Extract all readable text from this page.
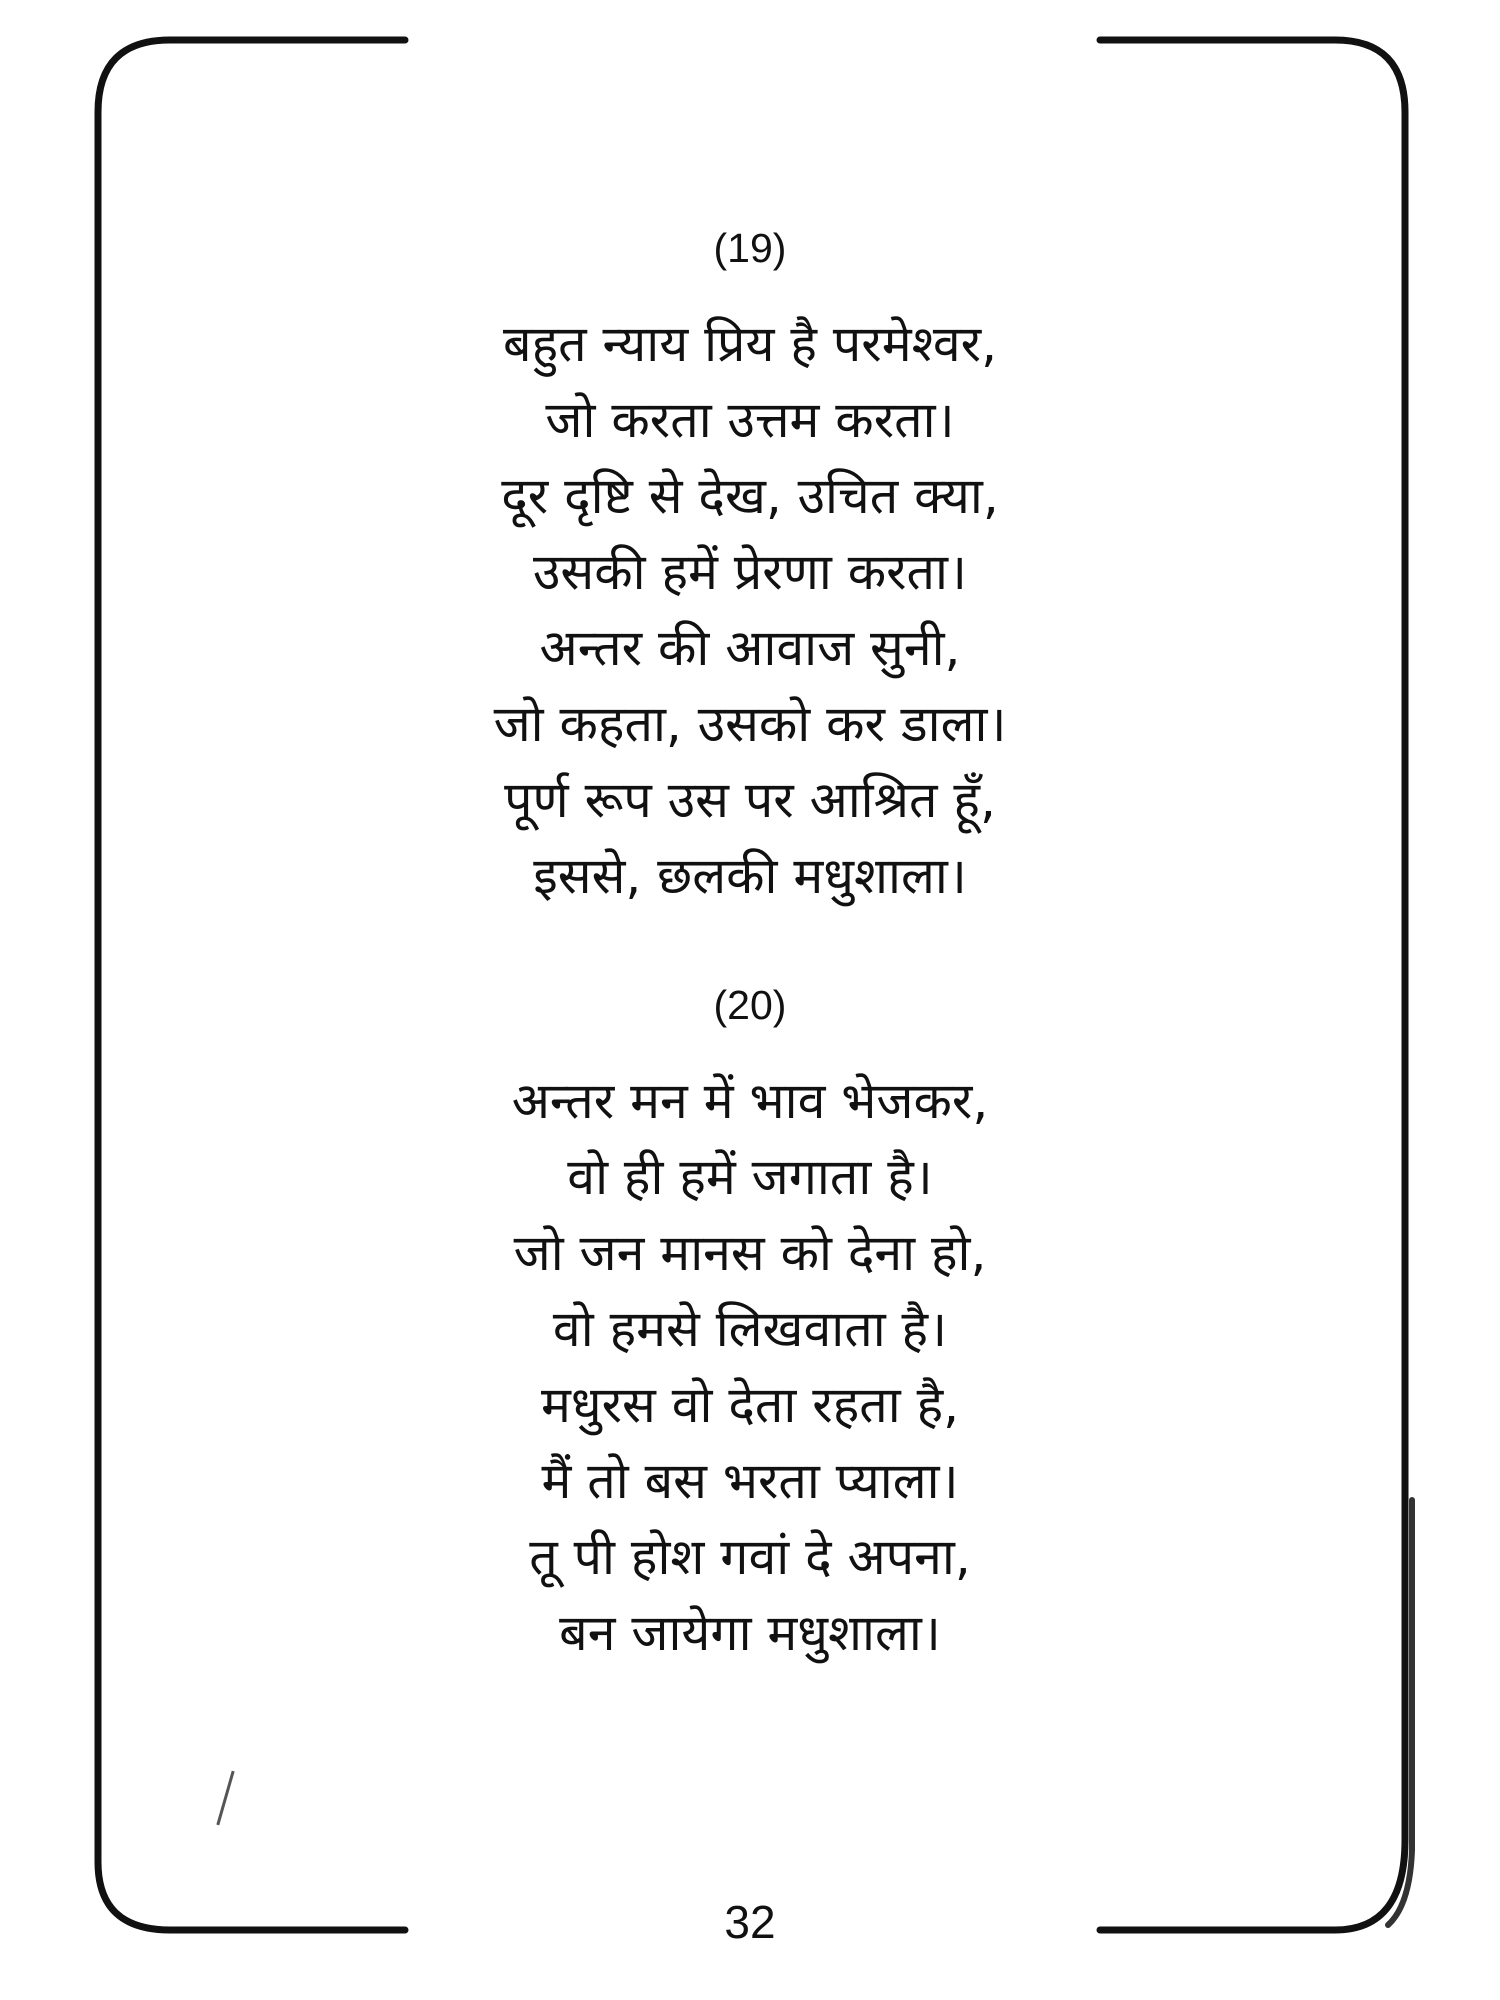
(19)
बहुत न्याय प्रिय है परमेश्वर,
जो करता उत्तम करता।
दूर दृष्टि से देख, उचित क्या,
उसकी हमें प्रेरणा करता।
अन्तर की आवाज सुनी,
जो कहता, उसको कर डाला।
पूर्ण रूप उस पर आश्रित हूँ,
इससे, छलकी मधुशाला।
(20)
अन्तर मन में भाव भेजकर,
वो ही हमें जगाता है।
जो जन मानस को देना हो,
वो हमसे लिखवाता है।
मधुरस वो देता रहता है,
मैं तो बस भरता प्याला।
तू पी होश गवां दे अपना,
बन जायेगा मधुशाला।
32
